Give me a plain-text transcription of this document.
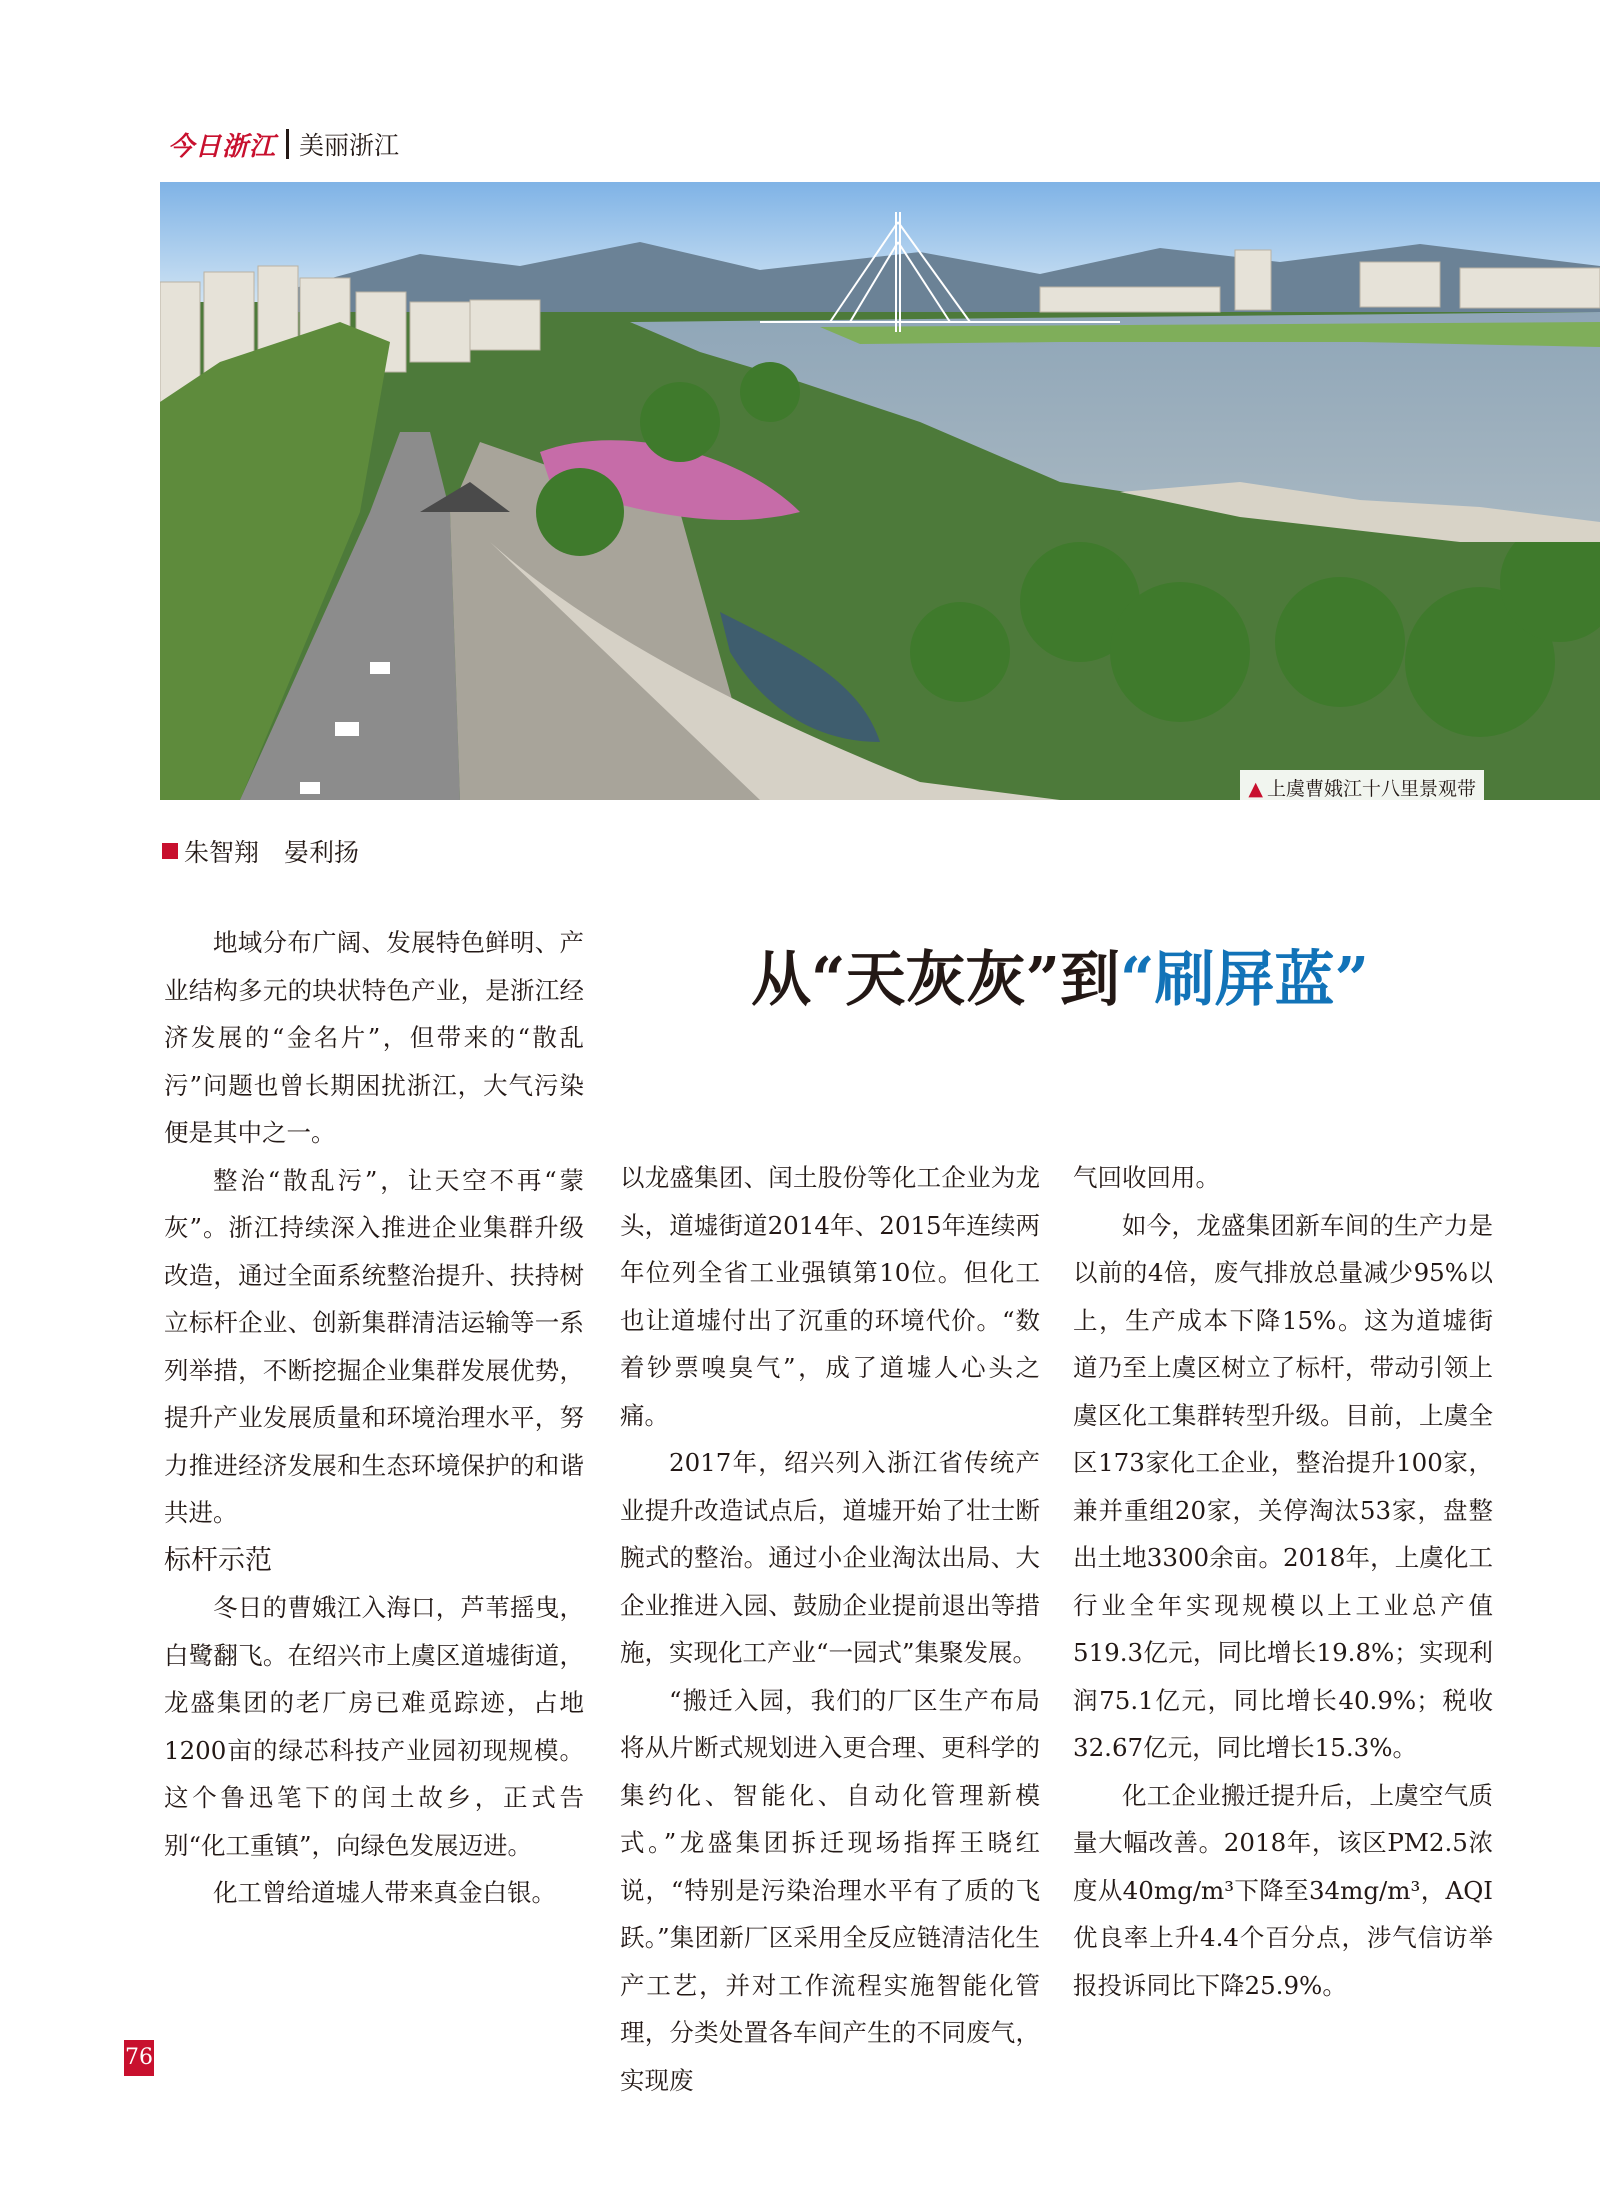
今日浙江 美丽浙江
▲ 上虞曹娥江十八里景观带
朱智翔　晏利扬
从“天灰灰”到“刷屏蓝”

地域分布广阔、发展特色鲜明、产业结构多元的块状特色产业，是浙江经济发展的“金名片”，但带来的“散乱污”问题也曾长期困扰浙江，大气污染便是其中之一。

整治“散乱污”，让天空不再“蒙灰”。浙江持续深入推进企业集群升级改造，通过全面系统整治提升、扶持树立标杆企业、创新集群清洁运输等一系列举措，不断挖掘企业集群发展优势，提升产业发展质量和环境治理水平，努力推进经济发展和生态环境保护的和谐共进。

标杆示范

冬日的曹娥江入海口，芦苇摇曳，白鹭翻飞。在绍兴市上虞区道墟街道，龙盛集团的老厂房已难觅踪迹，占地1200亩的绿芯科技产业园初现规模。这个鲁迅笔下的闰土故乡，正式告别“化工重镇”，向绿色发展迈进。

化工曾给道墟人带来真金白银。

以龙盛集团、闰土股份等化工企业为龙头，道墟街道2014年、2015年连续两年位列全省工业强镇第10位。但化工也让道墟付出了沉重的环境代价。“数着钞票嗅臭气”，成了道墟人心头之痛。

2017年，绍兴列入浙江省传统产业提升改造试点后，道墟开始了壮士断腕式的整治。通过小企业淘汰出局、大企业推进入园、鼓励企业提前退出等措施，实现化工产业“一园式”集聚发展。

“搬迁入园，我们的厂区生产布局将从片断式规划进入更合理、更科学的集约化、智能化、自动化管理新模式。”龙盛集团拆迁现场指挥王晓红说，“特别是污染治理水平有了质的飞跃。”集团新厂区采用全反应链清洁化生产工艺，并对工作流程实施智能化管理，分类处置各车间产生的不同废气，实现废

气回收回用。

如今，龙盛集团新车间的生产力是以前的4倍，废气排放总量减少95%以上，生产成本下降15%。这为道墟街道乃至上虞区树立了标杆，带动引领上虞区化工集群转型升级。目前，上虞全区173家化工企业，整治提升100家，兼并重组20家，关停淘汰53家，盘整出土地3300余亩。2018年，上虞化工行业全年实现规模以上工业总产值519.3亿元，同比增长19.8%；实现利润75.1亿元，同比增长40.9%；税收32.67亿元，同比增长15.3%。

化工企业搬迁提升后，上虞空气质量大幅改善。2018年，该区PM2.5浓度从40mg/m³下降至34mg/m³，AQI优良率上升4.4个百分点，涉气信访举报投诉同比下降25.9%。

76
